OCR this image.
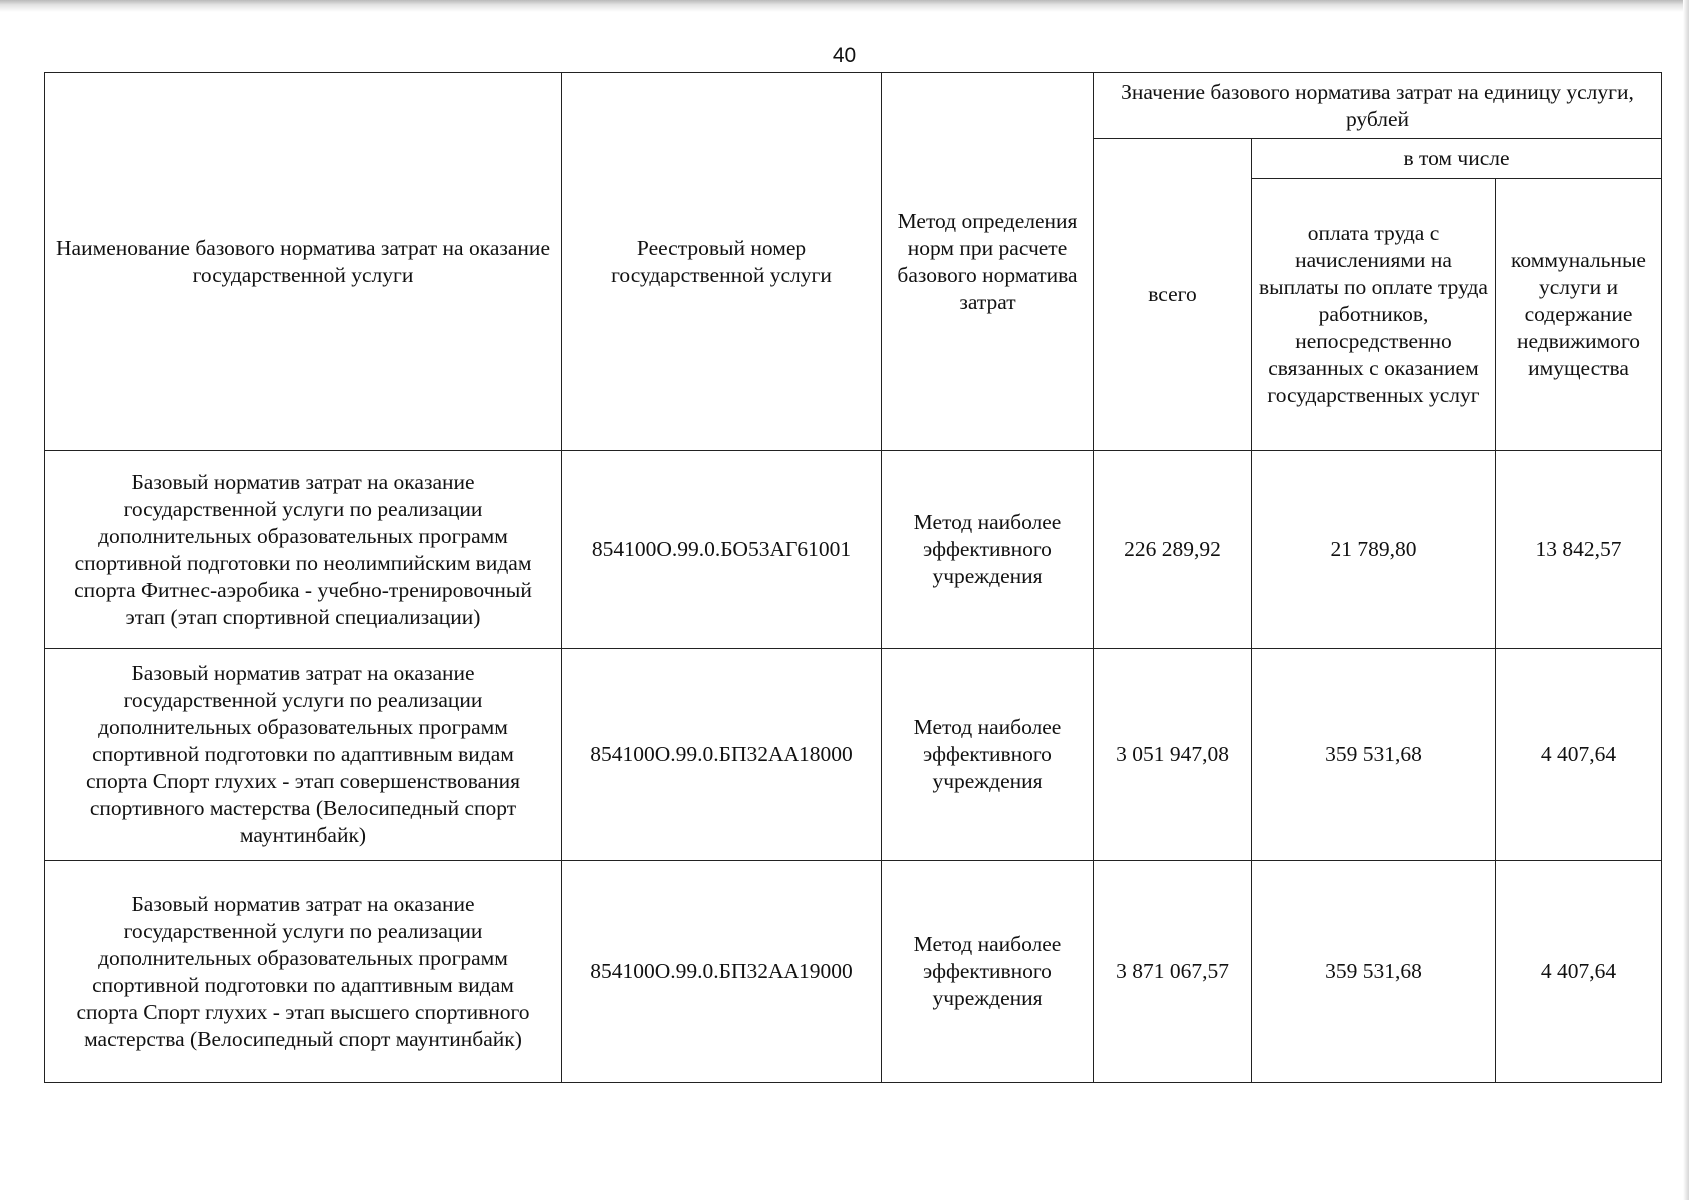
40
Наименование базового норматива затрат на оказание государственной услуги	Реестровый номер государственной услуги	Метод определения норм при расчете базового норматива затрат	Значение базового норматива затрат на единицу услуги, рублей		
			всего	в том числе	
				оплата труда с начислениями на выплаты по оплате труда работников, непосредственно связанных с оказанием государственных услуг	коммунальные услуги и содержание недвижимого имущества
Базовый норматив затрат на оказание государственной услуги по реализации дополнительных образовательных программ спортивной подготовки по неолимпийским видам спорта Фитнес-аэробика - учебно-тренировочный этап (этап спортивной специализации)	854100О.99.0.БО53АГ61001	Метод наиболее эффективного учреждения	226 289,92	21 789,80	13 842,57
Базовый норматив затрат на оказание государственной услуги по реализации дополнительных образовательных программ спортивной подготовки по адаптивным видам спорта Спорт глухих - этап совершенствования спортивного мастерства (Велосипедный спорт маунтинбайк)	854100О.99.0.БП32АА18000	Метод наиболее эффективного учреждения	3 051 947,08	359 531,68	4 407,64
Базовый норматив затрат на оказание государственной услуги по реализации дополнительных образовательных программ спортивной подготовки по адаптивным видам спорта Спорт глухих - этап высшего спортивного мастерства (Велосипедный спорт маунтинбайк)	854100О.99.0.БП32АА19000	Метод наиболее эффективного учреждения	3 871 067,57	359 531,68	4 407,64
